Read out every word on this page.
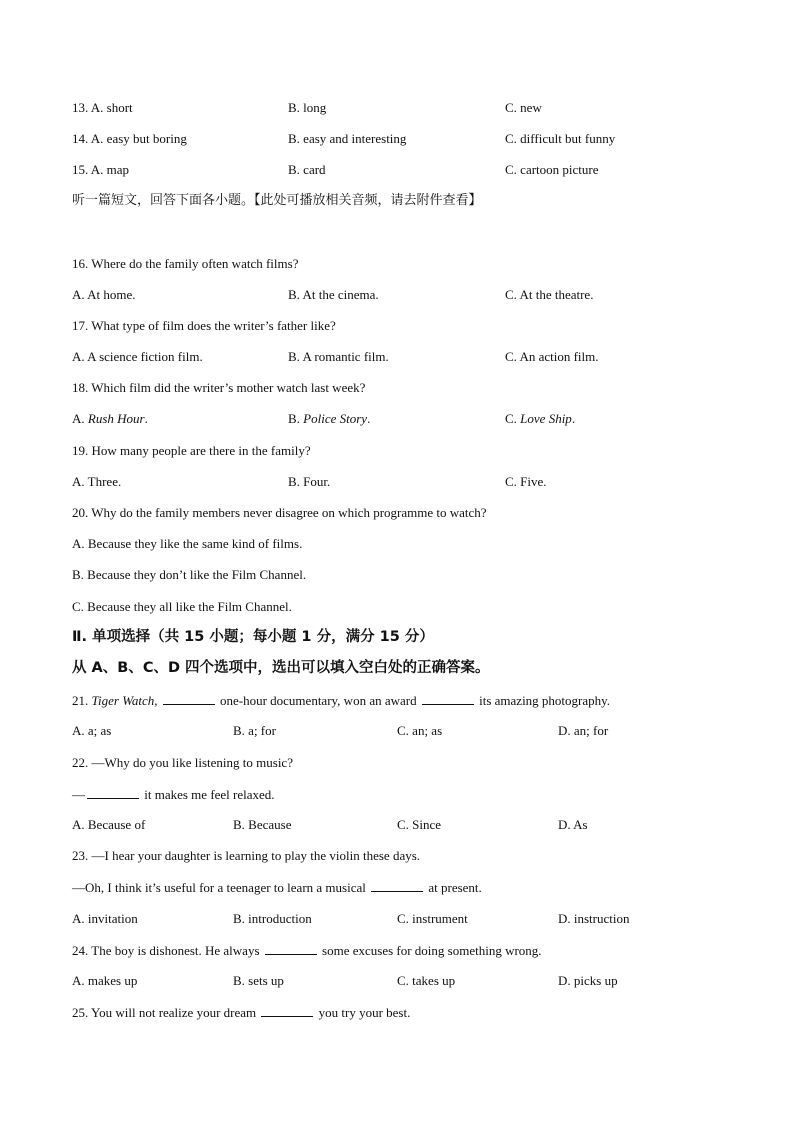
13. A. short	B. long	C. new
14. A. easy but boring	B. easy and interesting	C. difficult but funny
15. A. map	B. card	C. cartoon picture
听一篇短文，回答下面各小题。【此处可播放相关音频，请去附件查看】
16. Where do the family often watch films?
A. At home.	B. At the cinema.	C. At the theatre.
17. What type of film does the writer’s father like?
A. A science fiction film.	B. A romantic film.	C. An action film.
18. Which film did the writer’s mother watch last week?
A. Rush Hour.	B. Police Story.	C. Love Ship.
19. How many people are there in the family?
A. Three.	B. Four.	C. Five.
20. Why do the family members never disagree on which programme to watch?
A. Because they like the same kind of films.
B. Because they don’t like the Film Channel.
C. Because they all like the Film Channel.
Ⅱ. 单项选择（共 15 小题；每小题 1 分，满分 15 分）
从 A、B、C、D 四个选项中，选出可以填入空白处的正确答案。
21. Tiger Watch,	one-hour documentary, won an award	its amazing photography.
A. a; as	B. a; for	C. an; as	D. an; for
22. —Why do you like listening to music?
—	it makes me feel relaxed.
A. Because of	B. Because	C. Since	D. As
23. —I hear your daughter is learning to play the violin these days.
—Oh, I think it’s useful for a teenager to learn a musical	at present.
A. invitation	B. introduction	C. instrument	D. instruction
24. The boy is dishonest. He always	some excuses for doing something wrong.
A. makes up	B. sets up	C. takes up	D. picks up
25. You will not realize your dream	you try your best.
